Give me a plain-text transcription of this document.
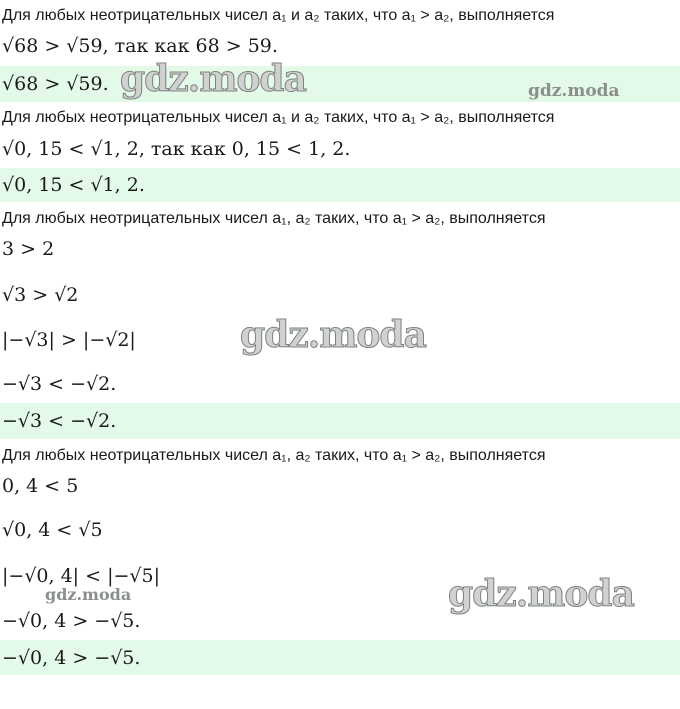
Для любых неотрицательных чисел a₁ и a₂ таких, что a₁ > a₂, выполняется
√68 > √59, так как 68 > 59.
√68 > √59.
Для любых неотрицательных чисел a₁ и a₂ таких, что a₁ > a₂, выполняется
√0, 15 < √1, 2, так как 0, 15 < 1, 2.
√0, 15 < √1, 2.
Для любых неотрицательных чисел a₁, a₂ таких, что a₁ > a₂, выполняется
3 > 2
√3 > √2
|−√3| > |−√2|
−√3 < −√2.
−√3 < −√2.
Для любых неотрицательных чисел a₁, a₂ таких, что a₁ > a₂, выполняется
0, 4 < 5
√0, 4 < √5
|−√0, 4| < |−√5|
−√0, 4 > −√5.
−√0, 4 > −√5.
gdz.moda	gdz.moda
gdz.moda
gdz.moda	gdz.moda
